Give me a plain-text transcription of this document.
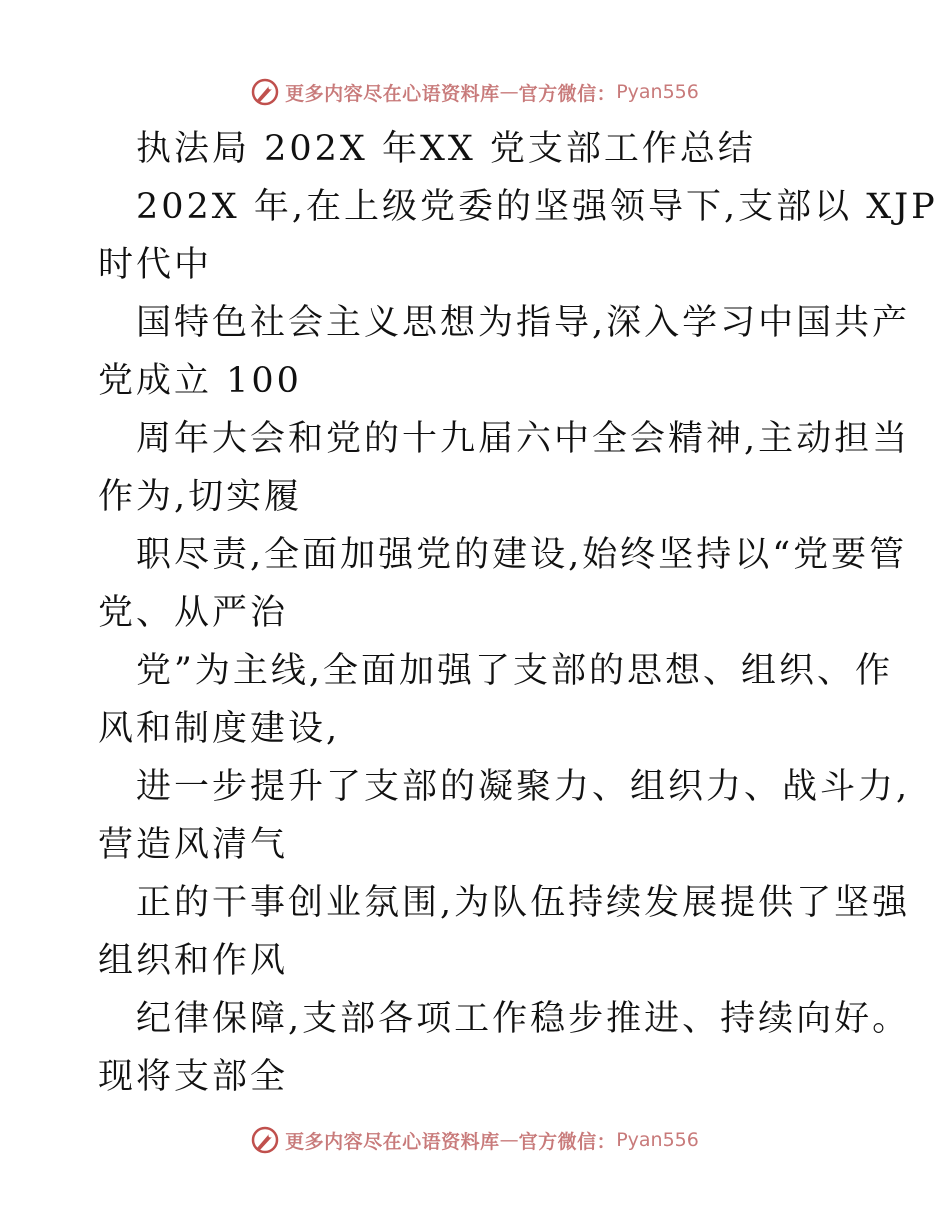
更多内容尽在心语资料库 — 官方微信： Pyan556
执法局 202X 年XX 党支部工作总结
202X 年,在上级党委的坚强领导下,支部以 XJP
时代中
国特色社会主义思想为指导,深入学习中国共产
党成立 100
周年大会和党的十九届六中全会精神,主动担当
作为,切实履
职尽责,全面加强党的建设,始终坚持以“党要管
党、从严治
党”为主线,全面加强了支部的思想、组织、作
风和制度建设,
进一步提升了支部的凝聚力、组织力、战斗力,
营造风清气
正的干事创业氛围,为队伍持续发展提供了坚强
组织和作风
纪律保障,支部各项工作稳步推进、持续向好。
现将支部全
更多内容尽在心语资料库 — 官方微信： Pyan556
